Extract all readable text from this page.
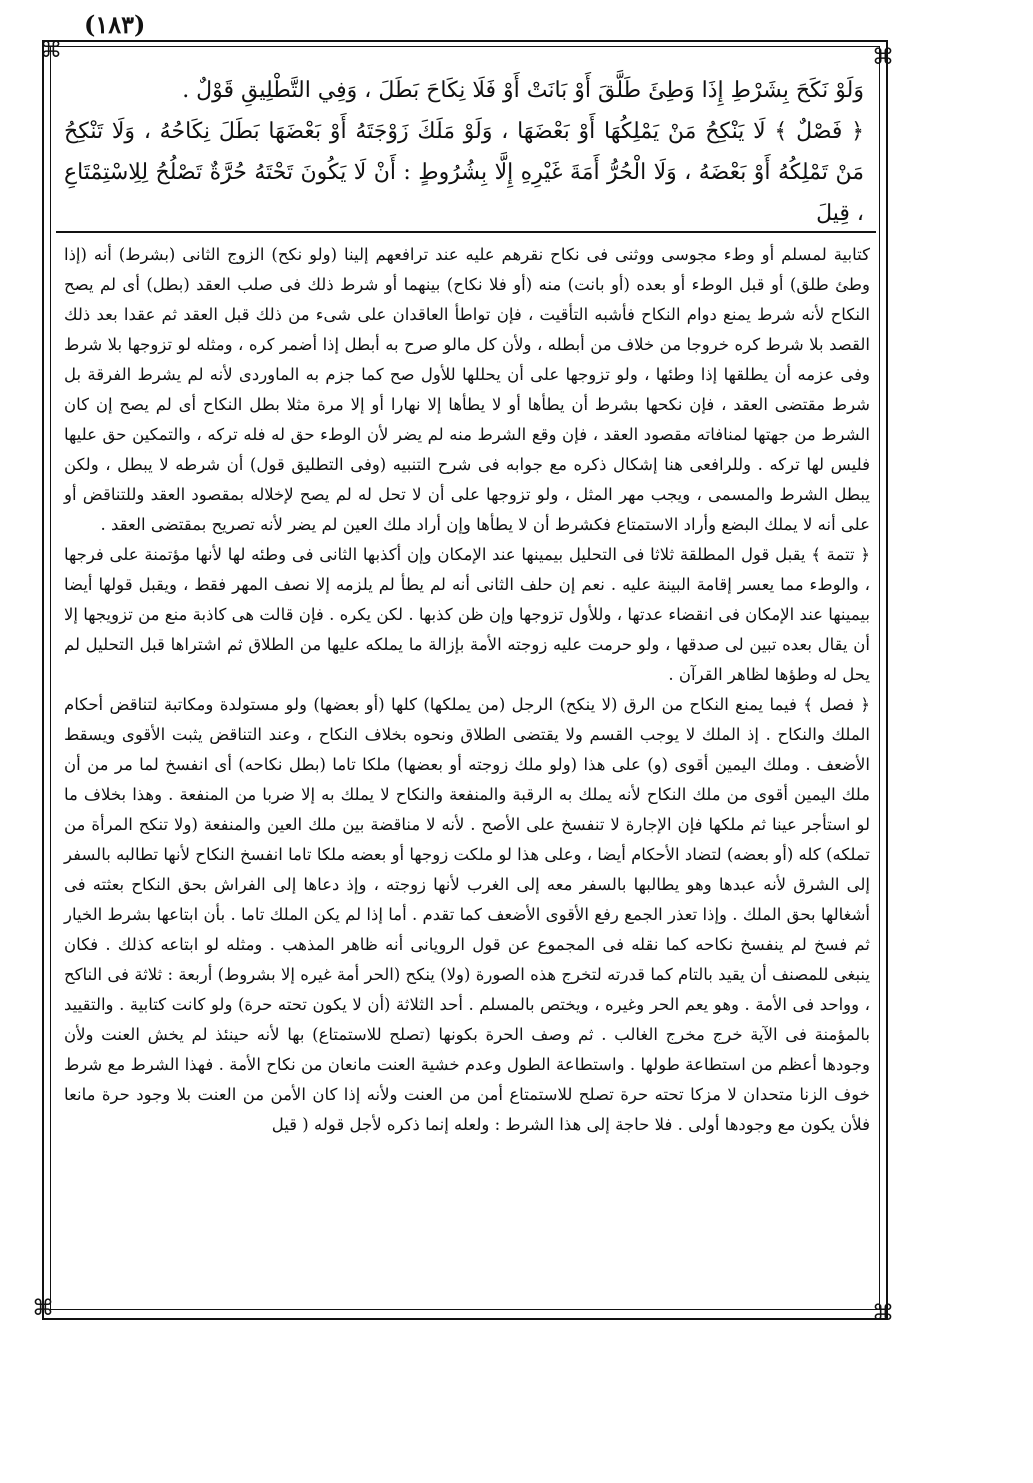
(١٨٣)
⌘	⌘
⌘	⌘

وَلَوْ نَكَحَ بِشَرْطِ إِذَا وَطِئَ طَلَّقَ أَوْ بَانَتْ أَوْ فَلَا نِكَاحَ بَطَلَ ، وَفِي التَّطْلِيقِ قَوْلٌ .

﴿ فَصْلٌ ﴾ لَا يَنْكِحُ مَنْ يَمْلِكُهَا أَوْ بَعْضَهَا ، وَلَوْ مَلَكَ زَوْجَتَهُ أَوْ بَعْضَهَا بَطَلَ نِكَاحُهُ ، وَلَا تَنْكِحُ مَنْ تَمْلِكُهُ أَوْ بَعْضَهُ ، وَلَا الْحُرُّ أَمَةَ غَيْرِهِ إِلَّا بِشُرُوطٍ : أَنْ لَا يَكُونَ تَحْتَهُ حُرَّةٌ تَصْلُحُ لِلِاسْتِمْتَاعِ ، قِيلَ

كتابية لمسلم أو وطء مجوسى ووثنى فى نكاح نقرهم عليه عند ترافعهم إلينا (ولو نكح) الزوج الثانى (بشرط) أنه (إذا وطئ طلق) أو قبل الوطء أو بعده (أو بانت) منه (أو فلا نكاح) بينهما أو شرط ذلك فى صلب العقد (بطل) أى لم يصح النكاح لأنه شرط يمنع دوام النكاح فأشبه التأقيت ، فإن تواطأ العاقدان على شىء من ذلك قبل العقد ثم عقدا بعد ذلك القصد بلا شرط كره خروجا من خلاف من أبطله ، ولأن كل مالو صرح به أبطل إذا أضمر كره ، ومثله لو تزوجها بلا شرط وفى عزمه أن يطلقها إذا وطئها ، ولو تزوجها على أن يحللها للأول صح كما جزم به الماوردى لأنه لم يشرط الفرقة بل شرط مقتضى العقد ، فإن نكحها بشرط أن يطأها أو لا يطأها إلا نهارا أو إلا مرة مثلا بطل النكاح أى لم يصح إن كان الشرط من جهتها لمنافاته مقصود العقد ، فإن وقع الشرط منه لم يضر لأن الوطء حق له فله تركه ، والتمكين حق عليها فليس لها تركه . وللرافعى هنا إشكال ذكره مع جوابه فى شرح التنبيه (وفى التطليق قول) أن شرطه لا يبطل ، ولكن يبطل الشرط والمسمى ، ويجب مهر المثل ، ولو تزوجها على أن لا تحل له لم يصح لإخلاله بمقصود العقد وللتناقض أو على أنه لا يملك البضع وأراد الاستمتاع فكشرط أن لا يطأها وإن أراد ملك العين لم يضر لأنه تصريح بمقتضى العقد .

﴿ تتمة ﴾ يقبل قول المطلقة ثلاثا فى التحليل بيمينها عند الإمكان وإن أكذبها الثانى فى وطئه لها لأنها مؤتمنة على فرجها ، والوطء مما يعسر إقامة البينة عليه . نعم إن حلف الثانى أنه لم يطأ لم يلزمه إلا نصف المهر فقط ، ويقبل قولها أيضا بيمينها عند الإمكان فى انقضاء عدتها ، وللأول تزوجها وإن ظن كذبها . لكن يكره . فإن قالت هى كاذبة منع من تزويجها إلا أن يقال بعده تبين لى صدقها ، ولو حرمت عليه زوجته الأمة بإزالة ما يملكه عليها من الطلاق ثم اشتراها قبل التحليل لم يحل له وطؤها لظاهر القرآن .

﴿ فصل ﴾ فيما يمنع النكاح من الرق (لا ينكح) الرجل (من يملكها) كلها (أو بعضها) ولو مستولدة ومكاتبة لتناقض أحكام الملك والنكاح . إذ الملك لا يوجب القسم ولا يقتضى الطلاق ونحوه بخلاف النكاح ، وعند التناقض يثبت الأقوى ويسقط الأضعف . وملك اليمين أقوى (و) على هذا (ولو ملك زوجته أو بعضها) ملكا تاما (بطل نكاحه) أى انفسخ لما مر من أن ملك اليمين أقوى من ملك النكاح لأنه يملك به الرقبة والمنفعة والنكاح لا يملك به إلا ضربا من المنفعة . وهذا بخلاف ما لو استأجر عينا ثم ملكها فإن الإجارة لا تنفسخ على الأصح . لأنه لا مناقضة بين ملك العين والمنفعة (ولا تنكح المرأة من تملكه) كله (أو بعضه) لتضاد الأحكام أيضا ، وعلى هذا لو ملكت زوجها أو بعضه ملكا تاما انفسخ النكاح لأنها تطالبه بالسفر إلى الشرق لأنه عبدها وهو يطالبها بالسفر معه إلى الغرب لأنها زوجته ، وإذ دعاها إلى الفراش بحق النكاح بعثته فى أشغالها بحق الملك . وإذا تعذر الجمع رفع الأقوى الأضعف كما تقدم . أما إذا لم يكن الملك تاما . بأن ابتاعها بشرط الخيار ثم فسخ لم ينفسخ نكاحه كما نقله فى المجموع عن قول الرويانى أنه ظاهر المذهب . ومثله لو ابتاعه كذلك . فكان ينبغى للمصنف أن يقيد بالتام كما قدرته لتخرج هذه الصورة (ولا) ينكح (الحر أمة غيره إلا بشروط) أربعة : ثلاثة فى الناكح ، وواحد فى الأمة . وهو يعم الحر وغيره ، ويختص بالمسلم . أحد الثلاثة (أن لا يكون تحته حرة) ولو كانت كتابية . والتقييد بالمؤمنة فى الآية خرج مخرج الغالب . ثم وصف الحرة بكونها (تصلح للاستمتاع) بها لأنه حينئذ لم يخش العنت ولأن وجودها أعظم من استطاعة طولها . واستطاعة الطول وعدم خشية العنت مانعان من نكاح الأمة . فهذا الشرط مع شرط خوف الزنا متحدان لا مزكا تحته حرة تصلح للاستمتاع أمن من العنت ولأنه إذا كان الأمن من العنت بلا وجود حرة مانعا فلأن يكون مع وجودها أولى . فلا حاجة إلى هذا الشرط : ولعله إنما ذكره لأجل قوله ( قيل
